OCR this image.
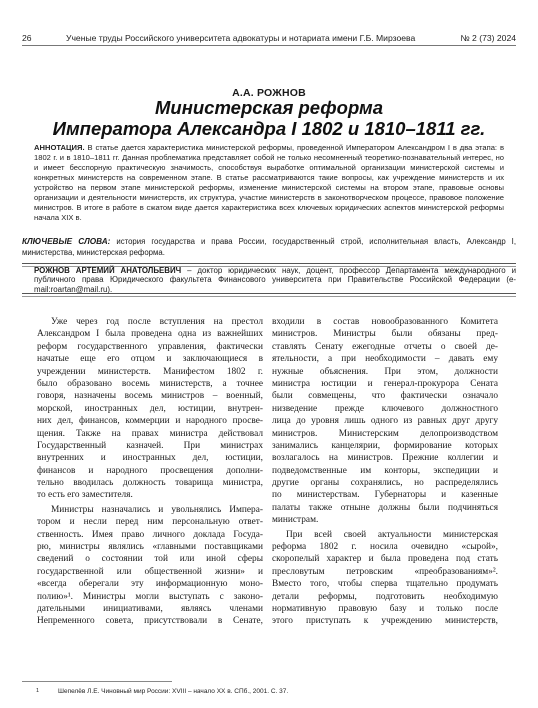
26	Ученые труды Российского университета адвокатуры и нотариата имени Г.Б. Мирзоева	№ 2 (73) 2024
А.А. РОЖНОВ
Министерская реформа
Императора Александра I 1802 и 1810–1811 гг.

АННОТАЦИЯ. В статье дается характеристика министерской реформы, проведенной Императором Александром I в два этапа: в 1802 г. и в 1810–1811 гг. Данная проблематика представляет собой не только несомненный теоретико-познавательный интерес, но и имеет бесспорную практическую значимость, способствуя выработке оптимальной организации министерской системы и конкретных министерств на современном этапе. В статье рассматриваются такие вопросы, как учреждение министерств и их устройство на первом этапе министерской реформы, изменение министерской системы на втором этапе, правовые основы организации и деятельности министерств, их структура, участие министерств в законотворческом процессе, правовое положение министров. В итоге в работе в сжатом виде дается характеристика всех ключевых юридических аспектов министерской реформы начала XIX в.

КЛЮЧЕВЫЕ СЛОВА: история государства и права России, государственный строй, исполнительная власть, Александр I, министерства, министерская реформа.

РОЖНОВ АРТЕМИЙ АНАТОЛЬЕВИЧ – доктор юридических наук, доцент, профессор Департамента международного и публичного права Юридического факультета Финансового университета при Правительстве Российской Федерации (e-mail:roartan@mail.ru).

Уже через год после вступления на престол
Александром I была проведена одна из важнейших
реформ государственного управления, фактически
начатые еще его отцом и заключающиеся в
учреждении министерств. Манифестом 1802 г.
было образовано восемь министерств, а точнее
говоря, назначены восемь министров – военный,
морской, иностранных дел, юстиции, внутрен-
них дел, финансов, коммерции и народного просве-
щения. Также на правах министра действовал
Государственный казначей. При министрах
внутренних и иностранных дел, юстиции,
финансов и народного просвещения дополни-
тельно вводилась должность товарища министра,
то есть его заместителя.
Министры назначались и увольнялись Импера-
тором и несли перед ним персональную ответ-
ственность. Имея право личного доклада Госуда-
рю, министры являлись «главными поставщиками
сведений о состоянии той или иной сферы
государственной или общественной жизни» и
«всегда оберегали эту информационную моно-
полию»¹. Министры могли выступать с законо-
дательными инициативами, являясь членами
Непременного совета, присутствовали в Сенате,
входили в состав новообразованного Комитета
министров. Министры были обязаны пред-
ставлять Сенату ежегодные отчеты о своей де-
ятельности, а при необходимости – давать ему
нужные объяснения. При этом, должности
министра юстиции и генерал-прокурора Сената
были совмещены, что фактически означало
низведение прежде ключевого должностного
лица до уровня лишь одного из равных друг другу
министров. Министерским делопроизводством
занимались канцелярии, формирование которых
возлагалось на министров. Прежние коллегии и
подведомственные им конторы, экспедиции и
другие органы сохранялись, но распределялись
по министерствам. Губернаторы и казенные
палаты также отныне должны были подчиняться
министрам.
При всей своей актуальности министерская
реформа 1802 г. носила очевидно «сырой»,
скоропелый характер и была проведена под стать
пресловутым петровским «преобразованиям»².
Вместо того, чтобы сперва тщательно продумать
детали реформы, подготовить необходимую
нормативную правовую базу и только после
этого приступать к учреждению министерств,
1	Шепелёв Л.Е. Чиновный мир России: XVIII – начало XX в. СПб., 2001. С. 37.
